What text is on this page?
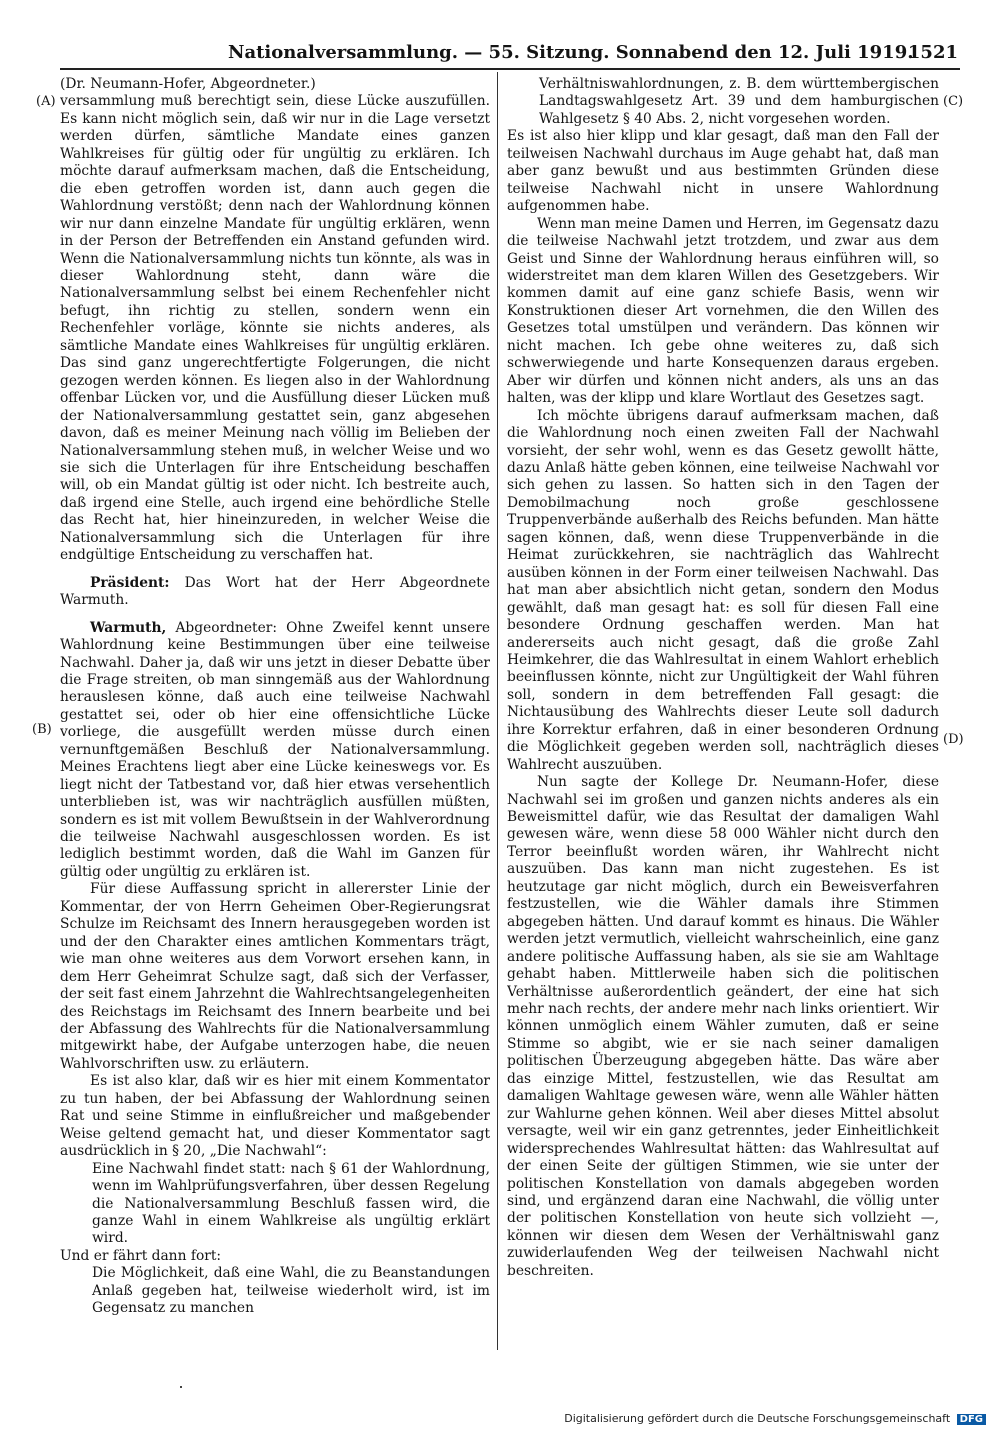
Nationalversammlung. — 55. Sitzung. Sonnabend den 12. Juli 1919.
1521
(A)
(B)
(C)
(D)

(Dr. Neumann-Hofer, Abgeordneter.)

versammlung muß berechtigt sein, diese Lücke auszufüllen. Es kann nicht möglich sein, daß wir nur in die Lage versetzt werden dürfen, sämtliche Mandate eines ganzen Wahlkreises für gültig oder für ungültig zu erklären. Ich möchte darauf aufmerksam machen, daß die Entscheidung, die eben getroffen worden ist, dann auch gegen die Wahlordnung verstößt; denn nach der Wahlordnung können wir nur dann einzelne Mandate für ungültig erklären, wenn in der Person der Betreffenden ein Anstand gefunden wird. Wenn die Nationalversammlung nichts tun könnte, als was in dieser Wahlordnung steht, dann wäre die Nationalversammlung selbst bei einem Rechenfehler nicht befugt, ihn richtig zu stellen, sondern wenn ein Rechenfehler vorläge, könnte sie nichts anderes, als sämtliche Mandate eines Wahlkreises für ungültig erklären. Das sind ganz ungerechtfertigte Folgerungen, die nicht gezogen werden können. Es liegen also in der Wahlordnung offenbar Lücken vor, und die Ausfüllung dieser Lücken muß der Nationalversammlung gestattet sein, ganz abgesehen davon, daß es meiner Meinung nach völlig im Belieben der Nationalversammlung stehen muß, in welcher Weise und wo sie sich die Unterlagen für ihre Entscheidung beschaffen will, ob ein Mandat gültig ist oder nicht. Ich bestreite auch, daß irgend eine Stelle, auch irgend eine behördliche Stelle das Recht hat, hier hineinzureden, in welcher Weise die Nationalversammlung sich die Unterlagen für ihre endgültige Entscheidung zu verschaffen hat.

Präsident: Das Wort hat der Herr Abgeordnete Warmuth.

Warmuth, Abgeordneter: Ohne Zweifel kennt unsere Wahlordnung keine Bestimmungen über eine teilweise Nachwahl. Daher ja, daß wir uns jetzt in dieser Debatte über die Frage streiten, ob man sinngemäß aus der Wahlordnung herauslesen könne, daß auch eine teilweise Nachwahl gestattet sei, oder ob hier eine offensichtliche Lücke vorliege, die ausgefüllt werden müsse durch einen vernunftgemäßen Beschluß der Nationalversammlung. Meines Erachtens liegt aber eine Lücke keineswegs vor. Es liegt nicht der Tatbestand vor, daß hier etwas versehentlich unterblieben ist, was wir nachträglich ausfüllen müßten, sondern es ist mit vollem Bewußtsein in der Wahlverordnung die teilweise Nachwahl ausgeschlossen worden. Es ist lediglich bestimmt worden, daß die Wahl im Ganzen für gültig oder ungültig zu erklären ist.

Für diese Auffassung spricht in allererster Linie der Kommentar, der von Herrn Geheimen Ober-Regierungsrat Schulze im Reichsamt des Innern herausgegeben worden ist und der den Charakter eines amtlichen Kommentars trägt, wie man ohne weiteres aus dem Vorwort ersehen kann, in dem Herr Geheimrat Schulze sagt, daß sich der Verfasser, der seit fast einem Jahrzehnt die Wahlrechtsangelegenheiten des Reichstags im Reichsamt des Innern bearbeite und bei der Abfassung des Wahlrechts für die Nationalversammlung mitgewirkt habe, der Aufgabe unterzogen habe, die neuen Wahlvorschriften usw. zu erläutern.

Es ist also klar, daß wir es hier mit einem Kommentator zu tun haben, der bei Abfassung der Wahlordnung seinen Rat und seine Stimme in einflußreicher und maßgebender Weise geltend gemacht hat, und dieser Kommentator sagt ausdrücklich in § 20, „Die Nachwahl“:

Eine Nachwahl findet statt: nach § 61 der Wahlordnung, wenn im Wahlprüfungsverfahren, über dessen Regelung die Nationalversammlung Beschluß fassen wird, die ganze Wahl in einem Wahlkreise als ungültig erklärt wird.

Und er fährt dann fort:

Die Möglichkeit, daß eine Wahl, die zu Beanstandungen Anlaß gegeben hat, teilweise wiederholt wird, ist im Gegensatz zu manchen

Verhältniswahlordnungen, z. B. dem württembergischen Landtagswahlgesetz Art. 39 und dem hamburgischen Wahlgesetz § 40 Abs. 2, nicht vorgesehen worden.

Es ist also hier klipp und klar gesagt, daß man den Fall der teilweisen Nachwahl durchaus im Auge gehabt hat, daß man aber ganz bewußt und aus bestimmten Gründen diese teilweise Nachwahl nicht in unsere Wahlordnung aufgenommen habe.

Wenn man meine Damen und Herren, im Gegensatz dazu die teilweise Nachwahl jetzt trotzdem, und zwar aus dem Geist und Sinne der Wahlordnung heraus einführen will, so widerstreitet man dem klaren Willen des Gesetzgebers. Wir kommen damit auf eine ganz schiefe Basis, wenn wir Konstruktionen dieser Art vornehmen, die den Willen des Gesetzes total umstülpen und verändern. Das können wir nicht machen. Ich gebe ohne weiteres zu, daß sich schwerwiegende und harte Konsequenzen daraus ergeben. Aber wir dürfen und können nicht anders, als uns an das halten, was der klipp und klare Wortlaut des Gesetzes sagt.

Ich möchte übrigens darauf aufmerksam machen, daß die Wahlordnung noch einen zweiten Fall der Nachwahl vorsieht, der sehr wohl, wenn es das Gesetz gewollt hätte, dazu Anlaß hätte geben können, eine teilweise Nachwahl vor sich gehen zu lassen. So hatten sich in den Tagen der Demobilmachung noch große geschlossene Truppenverbände außerhalb des Reichs befunden. Man hätte sagen können, daß, wenn diese Truppenverbände in die Heimat zurückkehren, sie nachträglich das Wahlrecht ausüben können in der Form einer teilweisen Nachwahl. Das hat man aber absichtlich nicht getan, sondern den Modus gewählt, daß man gesagt hat: es soll für diesen Fall eine besondere Ordnung geschaffen werden. Man hat andererseits auch nicht gesagt, daß die große Zahl Heimkehrer, die das Wahlresultat in einem Wahlort erheblich beeinflussen könnte, nicht zur Ungültigkeit der Wahl führen soll, sondern in dem betreffenden Fall gesagt: die Nichtausübung des Wahlrechts dieser Leute soll dadurch ihre Korrektur erfahren, daß in einer besonderen Ordnung die Möglichkeit gegeben werden soll, nachträglich dieses Wahlrecht auszuüben.

Nun sagte der Kollege Dr. Neumann-Hofer, diese Nachwahl sei im großen und ganzen nichts anderes als ein Beweismittel dafür, wie das Resultat der damaligen Wahl gewesen wäre, wenn diese 58 000 Wähler nicht durch den Terror beeinflußt worden wären, ihr Wahlrecht nicht auszuüben. Das kann man nicht zugestehen. Es ist heutzutage gar nicht möglich, durch ein Beweisverfahren festzustellen, wie die Wähler damals ihre Stimmen abgegeben hätten. Und darauf kommt es hinaus. Die Wähler werden jetzt vermutlich, vielleicht wahrscheinlich, eine ganz andere politische Auffassung haben, als sie sie am Wahltage gehabt haben. Mittlerweile haben sich die politischen Verhältnisse außerordentlich geändert, der eine hat sich mehr nach rechts, der andere mehr nach links orientiert. Wir können unmöglich einem Wähler zumuten, daß er seine Stimme so abgibt, wie er sie nach seiner damaligen politischen Überzeugung abgegeben hätte. Das wäre aber das einzige Mittel, festzustellen, wie das Resultat am damaligen Wahltage gewesen wäre, wenn alle Wähler hätten zur Wahlurne gehen können. Weil aber dieses Mittel absolut versagte, weil wir ein ganz getrenntes, jeder Einheitlichkeit widersprechendes Wahlresultat hätten: das Wahlresultat auf der einen Seite der gültigen Stimmen, wie sie unter der politischen Konstellation von damals abgegeben worden sind, und ergänzend daran eine Nachwahl, die völlig unter der politischen Konstellation von heute sich vollzieht —, können wir diesen dem Wesen der Verhältniswahl ganz zuwiderlaufenden Weg der teilweisen Nachwahl nicht beschreiten.

Digitalisierung gefördert durch die Deutsche Forschungsgemeinschaft DFG
